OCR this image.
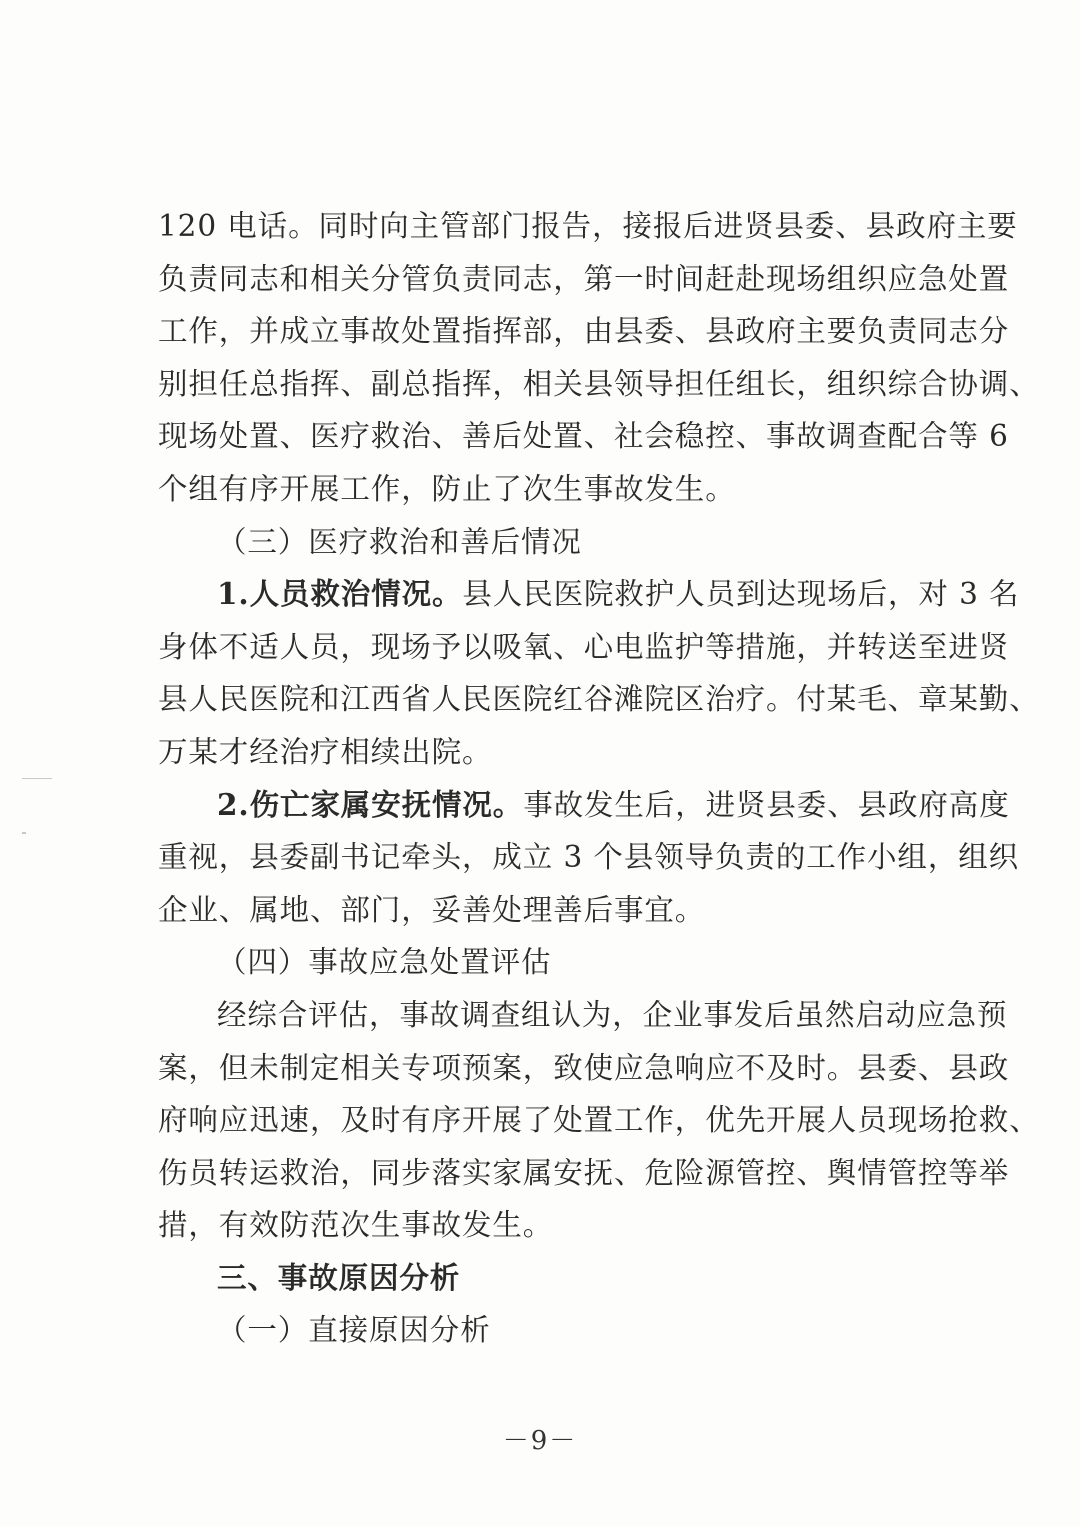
120 电话。同时向主管部门报告，接报后进贤县委、县政府主要
负责同志和相关分管负责同志，第一时间赶赴现场组织应急处置
工作，并成立事故处置指挥部，由县委、县政府主要负责同志分
别担任总指挥、副总指挥，相关县领导担任组长，组织综合协调、
现场处置、医疗救治、善后处置、社会稳控、事故调查配合等 6
个组有序开展工作，防止了次生事故发生。
（三）医疗救治和善后情况
1.人员救治情况。县人民医院救护人员到达现场后，对 3 名
身体不适人员，现场予以吸氧、心电监护等措施，并转送至进贤
县人民医院和江西省人民医院红谷滩院区治疗。付某毛、章某勤、
万某才经治疗相续出院。
2.伤亡家属安抚情况。事故发生后，进贤县委、县政府高度
重视，县委副书记牵头，成立 3 个县领导负责的工作小组，组织
企业、属地、部门，妥善处理善后事宜。
（四）事故应急处置评估
经综合评估，事故调查组认为，企业事发后虽然启动应急预
案，但未制定相关专项预案，致使应急响应不及时。县委、县政
府响应迅速，及时有序开展了处置工作，优先开展人员现场抢救、
伤员转运救治，同步落实家属安抚、危险源管控、舆情管控等举
措，有效防范次生事故发生。
三、事故原因分析
（一）直接原因分析
－9－
